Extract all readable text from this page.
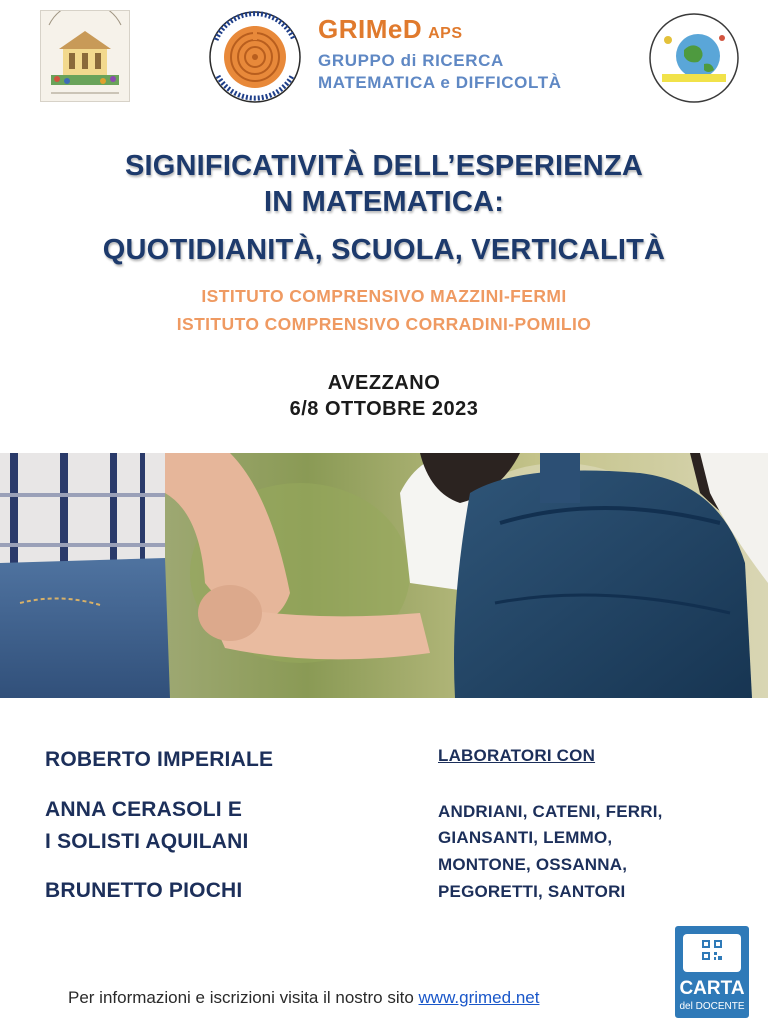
GRIMeD APS
GRUPPO di RICERCA
MATEMATICA e DIFFICOLTÀ
SIGNIFICATIVITÀ DELL’ESPERIENZA
IN MATEMATICA:
QUOTIDIANITÀ, SCUOLA, VERTICALITÀ
ISTITUTO COMPRENSIVO MAZZINI-FERMI
ISTITUTO COMPRENSIVO CORRADINI-POMILIO
AVEZZANO
6/8 OTTOBRE 2023
ROBERTO IMPERIALE
ANNA CERASOLI E
I SOLISTI AQUILANI
BRUNETTO PIOCHI
LABORATORI CON
ANDRIANI, CATENI, FERRI,
GIANSANTI, LEMMO,
MONTONE, OSSANNA,
PEGORETTI, SANTORI
Per informazioni e iscrizioni visita il nostro sito www.grimed.net	CARTA
del DOCENTE
